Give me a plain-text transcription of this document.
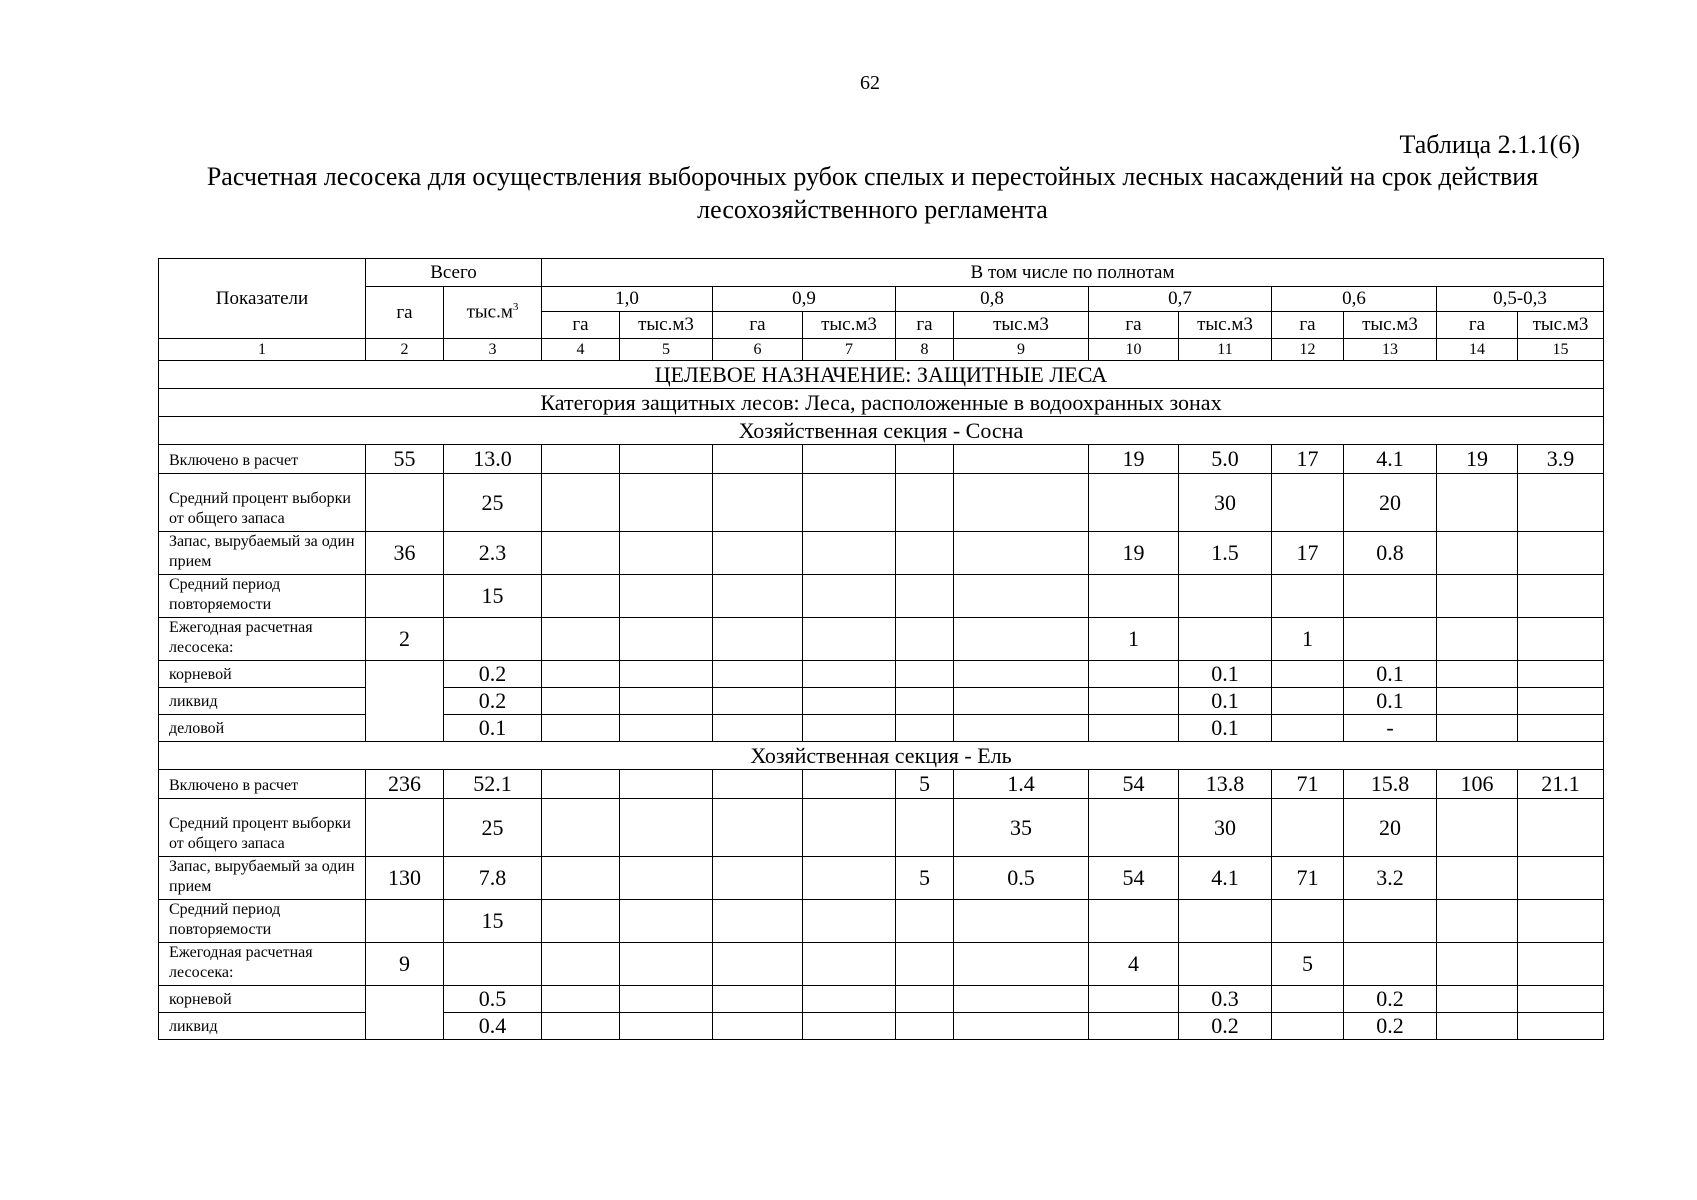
62
Таблица 2.1.1(6)
Расчетная лесосека для осуществления выборочных рубок спелых и перестойных лесных насаждений на срок действия лесохозяйственного регламента
Показатели	Всего		В том числе по полнотам											
	га	$тыс.м^3$	1,0		0,9		0,8		0,7		0,6		0,5-0,3	
			га	тыс.м3	га	тыс.м3	га	тыс.м3	га	тыс.м3	га	тыс.м3	га	тыс.м3
1	2	3	4	5	6	7	8	9	10	11	12	13	14	15
ЦЕЛЕВОЕ НАЗНАЧЕНИЕ: ЗАЩИТНЫЕ ЛЕСА														
Категория защитных лесов: Леса, расположенные в водоохранных зонах														
Хозяйственная секция - Сосна														
Включено в расчет	55	13.0							19	5.0	17	4.1	19	3.9
Средний процент выборки от общего запаса		25								30		20		
Запас, вырубаемый за один прием	36	2.3							19	1.5	17	0.8		
Средний период повторяемости		15												
Ежегодная расчетная лесосека:	2								1		1			
корневой		0.2								0.1		0.1		
ликвид		0.2								0.1		0.1		
деловой		0.1								0.1		-		
Хозяйственная секция - Ель														
Включено в расчет	236	52.1					5	1.4	54	13.8	71	15.8	106	21.1
Средний процент выборки от общего запаса		25						35		30		20		
Запас, вырубаемый за один прием	130	7.8					5	0.5	54	4.1	71	3.2		
Средний период повторяемости		15												
Ежегодная расчетная лесосека:	9								4		5			
корневой		0.5								0.3		0.2		
ликвид		0.4								0.2		0.2		
